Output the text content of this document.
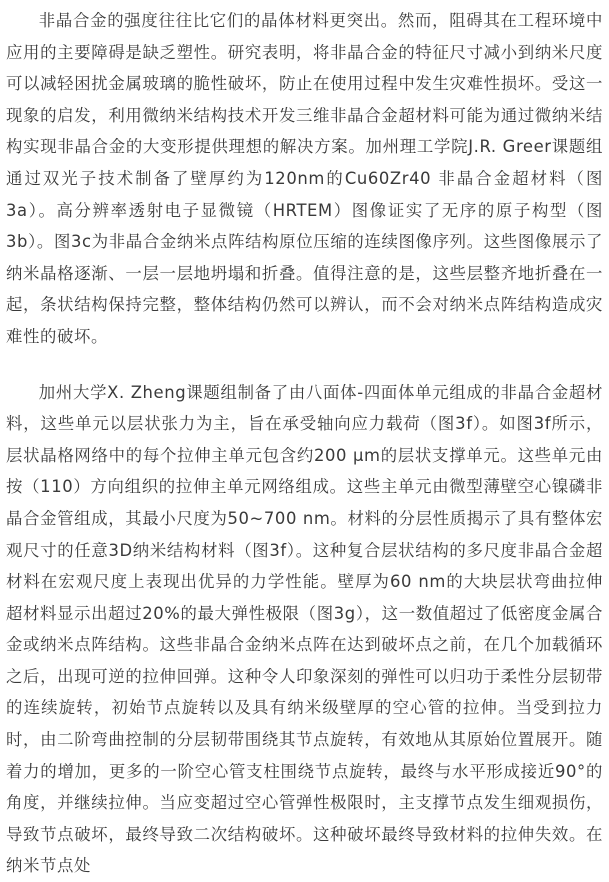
非晶合金的强度往往比它们的晶体材料更突出。然而，阻碍其在工程环境中应用的主要障碍是缺乏塑性。研究表明，将非晶合金的特征尺寸减小到纳米尺度可以减轻困扰金属玻璃的脆性破坏，防止在使用过程中发生灾难性损坏。受这一现象的启发，利用微纳米结构技术开发三维非晶合金超材料可能为通过微纳米结构实现非晶合金的大变形提供理想的解决方案。加州理工学院J.R. Greer课题组通过双光子技术制备了壁厚约为120nm的Cu60Zr40 非晶合金超材料（图3a）。高分辨率透射电子显微镜（HRTEM）图像证实了无序的原子构型（图3b）。图3c为非晶合金纳米点阵结构原位压缩的连续图像序列。这些图像展示了纳米晶格逐渐、一层一层地坍塌和折叠。值得注意的是，这些层整齐地折叠在一起，条状结构保持完整，整体结构仍然可以辨认，而不会对纳米点阵结构造成灾难性的破坏。

加州大学X. Zheng课题组制备了由八面体-四面体单元组成的非晶合金超材料，这些单元以层状张力为主，旨在承受轴向应力载荷（图3f）。如图3f所示，层状晶格网络中的每个拉伸主单元包含约200 μm的层状支撑单元。这些单元由按（110）方向组织的拉伸主单元网络组成。这些主单元由微型薄壁空心镍磷非晶合金管组成，其最小尺度为50~700 nm。材料的分层性质揭示了具有整体宏观尺寸的任意3D纳米结构材料（图3f）。这种复合层状结构的多尺度非晶合金超材料在宏观尺度上表现出优异的力学性能。壁厚为60 nm的大块层状弯曲拉伸超材料显示出超过20%的最大弹性极限（图3g），这一数值超过了低密度金属合金或纳米点阵结构。这些非晶合金纳米点阵在达到破坏点之前，在几个加载循环之后，出现可逆的拉伸回弹。这种令人印象深刻的弹性可以归功于柔性分层韧带的连续旋转，初始节点旋转以及具有纳米级壁厚的空心管的拉伸。当受到拉力时，由二阶弯曲控制的分层韧带围绕其节点旋转，有效地从其原始位置展开。随着力的增加，更多的一阶空心管支柱围绕节点旋转，最终与水平形成接近90°的角度，并继续拉伸。当应变超过空心管弹性极限时，主支撑节点发生细观损伤，导致节点破坏，最终导致二次结构破坏。这种破坏最终导致材料的拉伸失效。在纳米节点处
